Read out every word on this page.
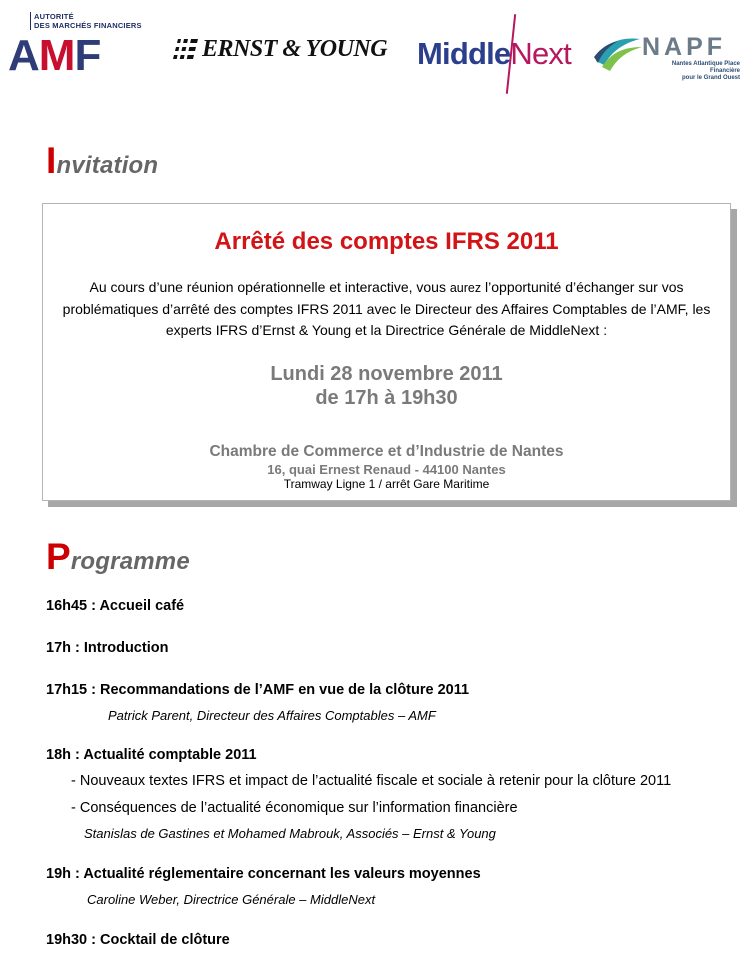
AUTORITÉ
DES MARCHÉS FINANCIERS
AMF	ERNST & YOUNG MiddleNext	NAPF
Nantes Atlantique Place Financière
pour le Grand Ouest
Invitation
Arrêté des comptes IFRS 2011
Au cours d’une réunion opérationnelle et interactive, vous aurez l’opportunité d’échanger sur vos problématiques d’arrêté des comptes IFRS 2011 avec le Directeur des Affaires Comptables de l’AMF, les experts IFRS d’Ernst & Young et la Directrice Générale de MiddleNext :
Lundi 28 novembre 2011
de 17h à 19h30
Chambre de Commerce et d’Industrie de Nantes
16, quai Ernest Renaud - 44100 Nantes
Tramway Ligne 1 / arrêt Gare Maritime
Programme
16h45 : Accueil café
17h : Introduction
17h15 : Recommandations de l’AMF en vue de la clôture 2011
Patrick Parent, Directeur des Affaires Comptables – AMF
18h : Actualité comptable 2011
- Nouveaux textes IFRS et impact de l’actualité fiscale et sociale à retenir pour la clôture 2011
- Conséquences de l’actualité économique sur l’information financière
Stanislas de Gastines et Mohamed Mabrouk, Associés – Ernst & Young
19h : Actualité réglementaire concernant les valeurs moyennes
Caroline Weber, Directrice Générale – MiddleNext
19h30 : Cocktail de clôture
